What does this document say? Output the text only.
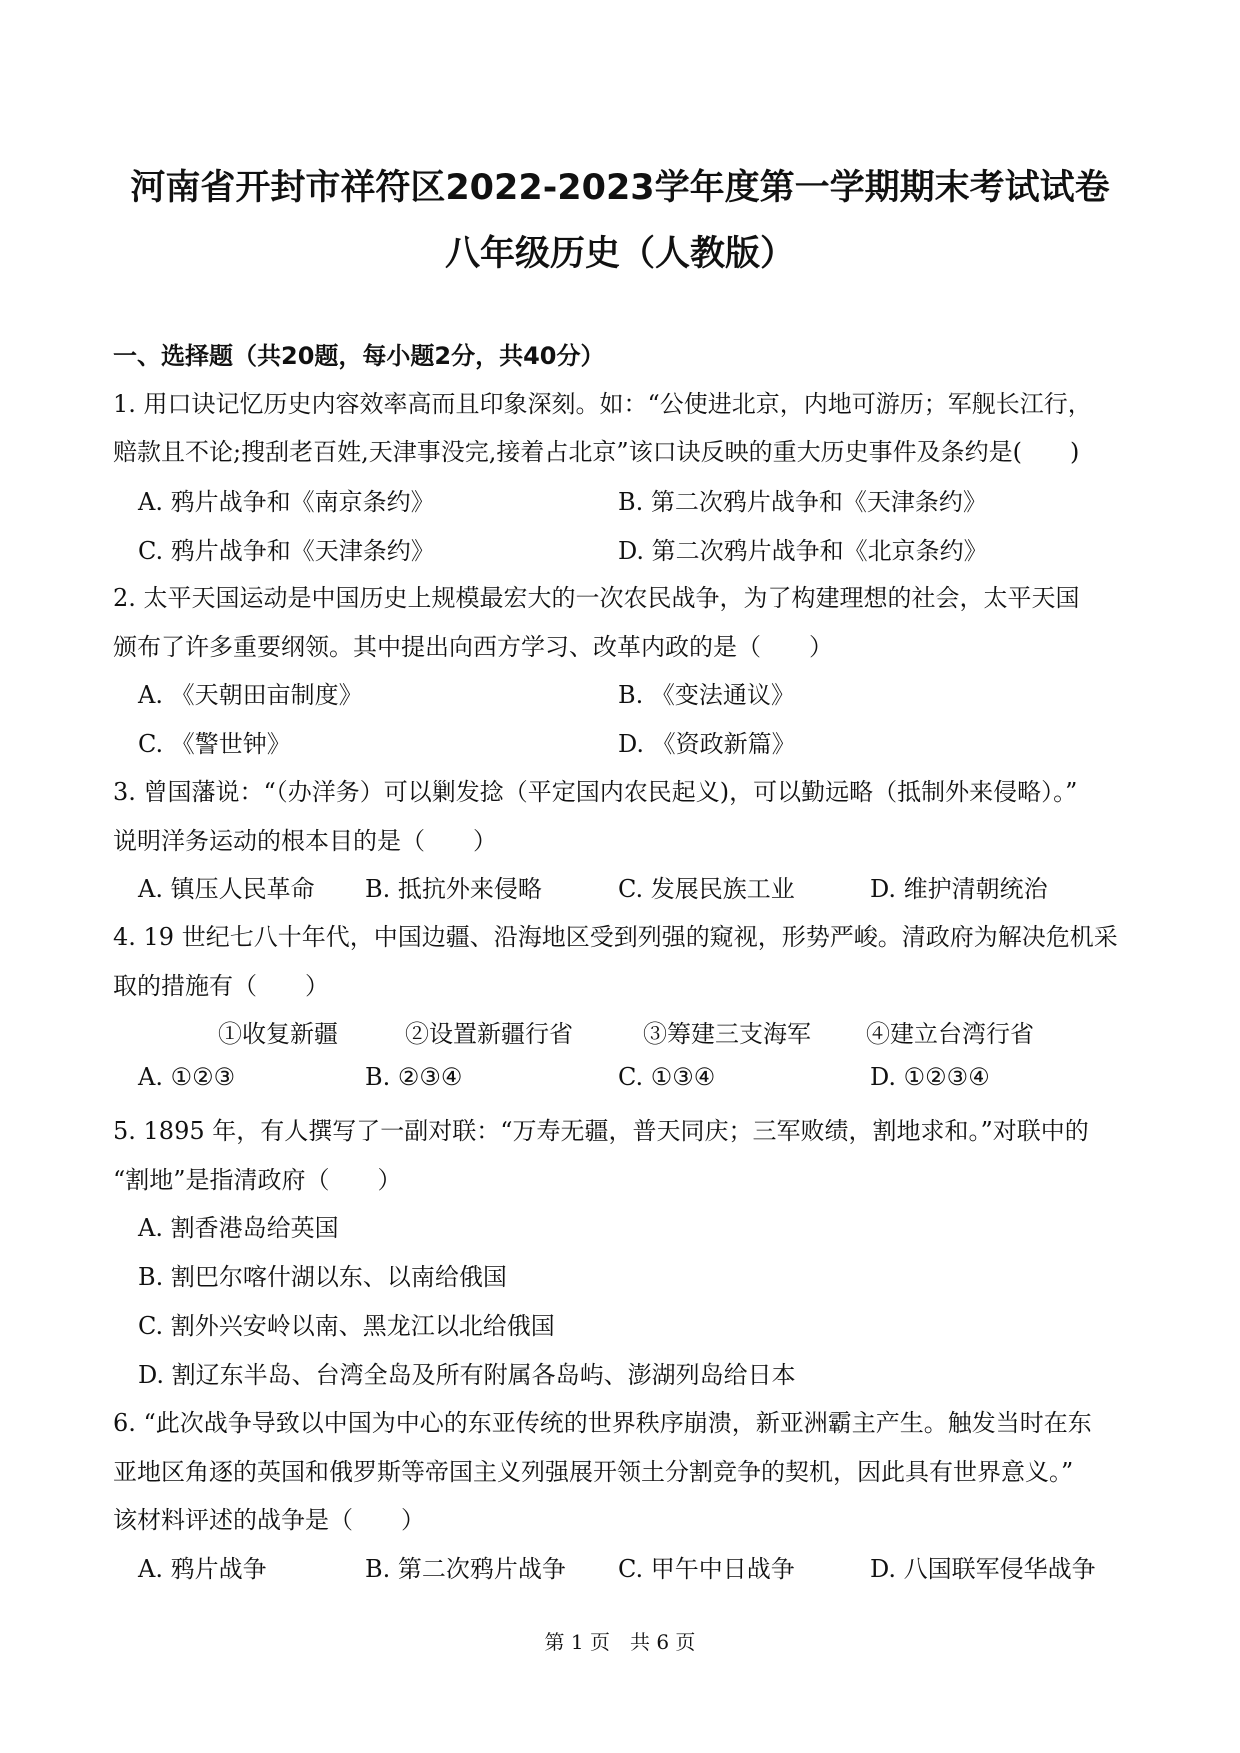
河南省开封市祥符区2022-2023学年度第一学期期末考试试卷
八年级历史（人教版）
一、选择题（共20题，每小题2分，共40分）
1. 用口诀记忆历史内容效率高而且印象深刻。如：“公使进北京，内地可游历；军舰长江行，
赔款且不论;搜刮老百姓,天津事没完,接着占北京”该口诀反映的重大历史事件及条约是(　　)
A. 鸦片战争和《南京条约》	B. 第二次鸦片战争和《天津条约》
C. 鸦片战争和《天津条约》	D. 第二次鸦片战争和《北京条约》
2. 太平天国运动是中国历史上规模最宏大的一次农民战争，为了构建理想的社会，太平天国
颁布了许多重要纲领。其中提出向西方学习、改革内政的是（　　）
A. 《天朝田亩制度》	B. 《变法通议》
C. 《警世钟》	D. 《资政新篇》
3. 曾国藩说：“（办洋务）可以剿发捻（平定国内农民起义)，可以勤远略（抵制外来侵略）。”
说明洋务运动的根本目的是（　　）
A. 镇压人民革命 B. 抵抗外来侵略	C. 发展民族工业	D. 维护清朝统治
4. 19 世纪七八十年代，中国边疆、沿海地区受到列强的窥视，形势严峻。清政府为解决危机采
取的措施有（　　）
①收复新疆	②设置新疆行省	③筹建三支海军 ④建立台湾行省
A. ①②③	B. ②③④	C. ①③④	D. ①②③④
5. 1895 年，有人撰写了一副对联：“万寿无疆，普天同庆；三军败绩，割地求和。”对联中的
“割地”是指清政府（　　）
A. 割香港岛给英国
B. 割巴尔喀什湖以东、以南给俄国
C. 割外兴安岭以南、黑龙江以北给俄国
D. 割辽东半岛、台湾全岛及所有附属各岛屿、澎湖列岛给日本
6. “此次战争导致以中国为中心的东亚传统的世界秩序崩溃，新亚洲霸主产生。触发当时在东
亚地区角逐的英国和俄罗斯等帝国主义列强展开领土分割竞争的契机，因此具有世界意义。”
该材料评述的战争是（　　）
A. 鸦片战争	B. 第二次鸦片战争 C. 甲午中日战争	D. 八国联军侵华战争
第 1 页　共 6 页
